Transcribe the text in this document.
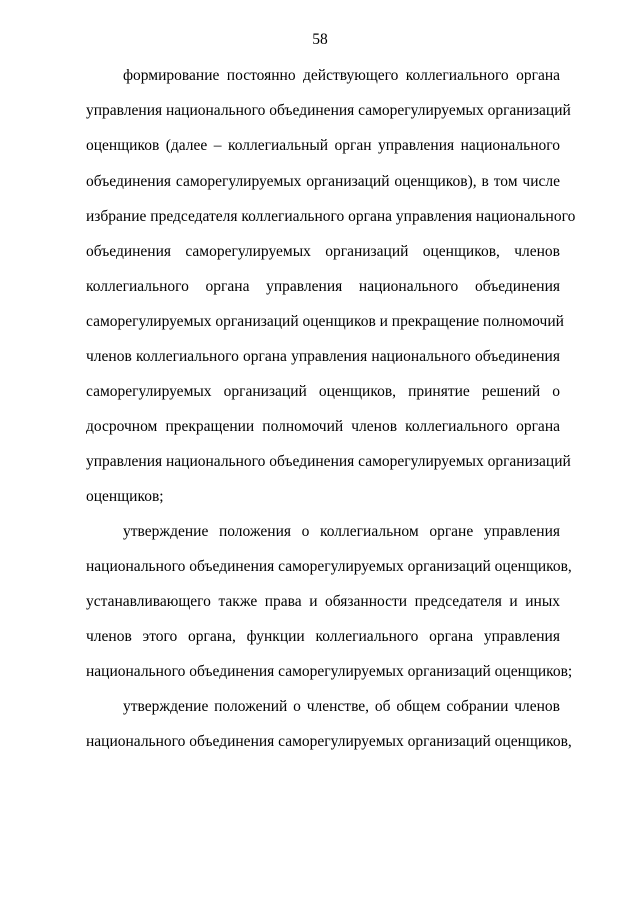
58
формирование постоянно действующего коллегиального органа
управления национального объединения саморегулируемых организаций
оценщиков (далее – коллегиальный орган управления национального
объединения саморегулируемых организаций оценщиков), в том числе
избрание председателя коллегиального органа управления национального
объединения саморегулируемых организаций оценщиков, членов
коллегиального органа управления национального объединения
саморегулируемых организаций оценщиков и прекращение полномочий
членов коллегиального органа управления национального объединения
саморегулируемых организаций оценщиков, принятие решений о
досрочном прекращении полномочий членов коллегиального органа
управления национального объединения саморегулируемых организаций
оценщиков;
утверждение положения о коллегиальном органе управления
национального объединения саморегулируемых организаций оценщиков,
устанавливающего также права и обязанности председателя и иных
членов этого органа, функции коллегиального органа управления
национального объединения саморегулируемых организаций оценщиков;
утверждение положений о членстве, об общем собрании членов
национального объединения саморегулируемых организаций оценщиков,
